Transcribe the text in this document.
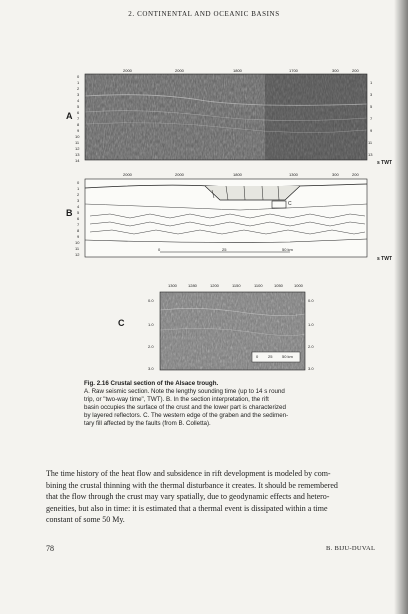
2. CONTINENTAL AND OCEANIC BASINS
A
2000	2000	1800	1700	300	200
0
1
2
3
4
5
6
7
8
9
10
11
12
13
14
1
3
5
7
9
11
13
s TWT
B
2000	2000	1800	1300	300	200
0
1
2
3
4
5
6
7
8
9
10
11
12
C
0	25	50 km
s TWT
C
1300	1280	1200	1150	1100	1050	1000
0.0
1.0
2.0
3.0
0.0
1.0
2.0
3.0
0 25 50 km
Fig. 2.16 Crustal section of the Alsace trough.
A. Raw seismic section. Note the lengthy sounding time (up to 14 s round
trip, or "two-way time", TWT). B. In the section interpretation, the rift
basin occupies the surface of the crust and the lower part is characterized
by layered reflectors. C. The western edge of the graben and the sedimen-
tary fill affected by the faults (from B. Colletta).

The time history of the heat flow and subsidence in rift development is modeled by com-

bining the crustal thinning with the thermal disturbance it creates. It should be remembered

that the flow through the crust may vary spatially, due to geodynamic effects and hetero-

geneities, but also in time: it is estimated that a thermal event is dissipated within a time

constant of some 50 My.

78	B. BIJU-DUVAL
